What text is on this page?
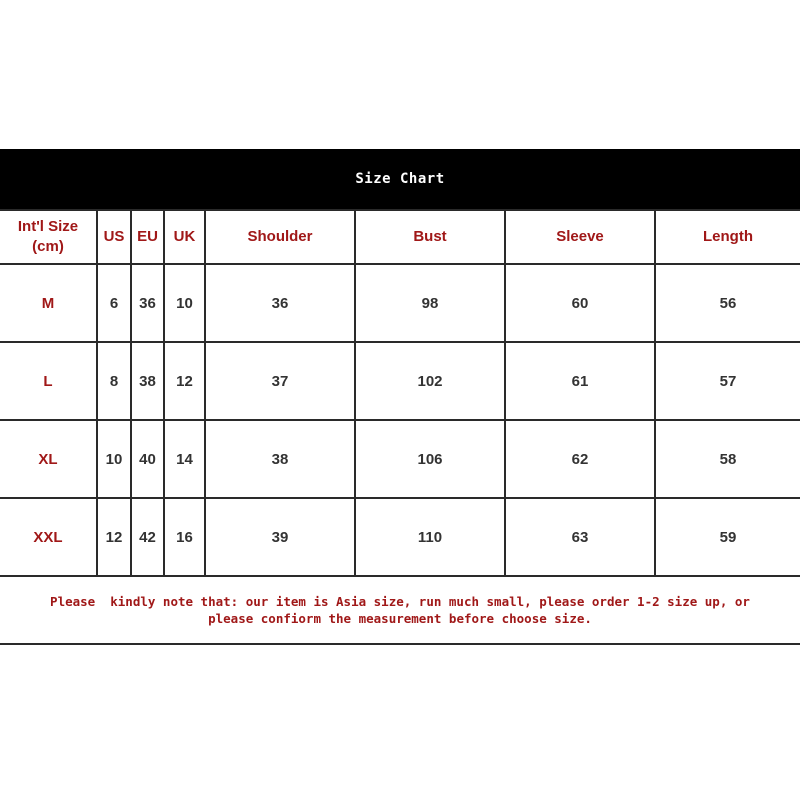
Size Chart
Int'l Size (cm)	US	EU	UK	Shoulder	Bust	Sleeve	Length
M	6	36	10	36	98	60	56
L	8	38	12	37	102	61	57
XL	10	40	14	38	106	62	58
XXL	12	42	16	39	110	63	59
Please  kindly note that: our item is Asia size, run much small, please order 1-2 size up, or
please confiorm the measurement before choose size.
